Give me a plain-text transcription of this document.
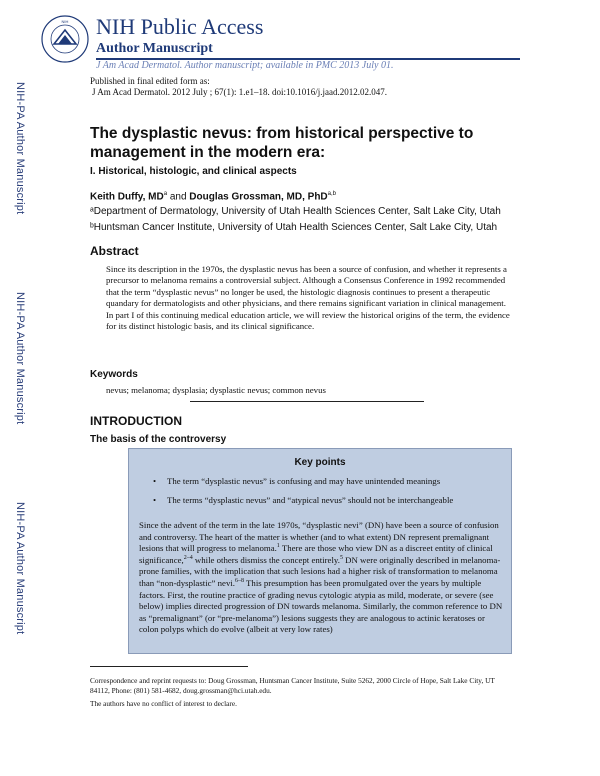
NIH NIH Public Access
Author Manuscript
J Am Acad Dermatol. Author manuscript; available in PMC 2013 July 01.
Published in final edited form as:
J Am Acad Dermatol. 2012 July ; 67(1): 1.e1–18. doi:10.1016/j.jaad.2012.02.047.
NIH-PA Author Manuscript
NIH-PA Author Manuscript
NIH-PA Author Manuscript
The dysplastic nevus: from historical perspective to management in the modern era:
I. Historical, histologic, and clinical aspects
Keith Duffy, $MD^a$ and Douglas Grossman, MD, PhD$^{a,b}$
ᵃDepartment of Dermatology, University of Utah Health Sciences Center, Salt Lake City, Utah
ᵇHuntsman Cancer Institute, University of Utah Health Sciences Center, Salt Lake City, Utah
Abstract
Since its description in the 1970s, the dysplastic nevus has been a source of confusion, and whether it represents a precursor to melanoma remains a controversial subject. Although a Consensus Conference in 1992 recommended that the term “dysplastic nevus” no longer be used, the histologic diagnosis continues to present a therapeutic quandary for dermatologists and other physicians, and there remains significant variation in clinical management. In part I of this continuing medical education article, we will review the historical origins of the term, the evidence for its distinct histologic basis, and its clinical significance.
Keywords
nevus; melanoma; dysplasia; dysplastic nevus; common nevus
INTRODUCTION
The basis of the controversy
Key points
• The term “dysplastic nevus” is confusing and may have unintended meanings
• The terms “dysplastic nevus” and “atypical nevus” should not be interchangeable
Since the advent of the term in the late 1970s, “dysplastic nevi” (DN) have been a source of confusion and controversy. The heart of the matter is whether (and to what extent) DN represent premalignant lesions that will progress to melanoma.$^1$ There are those who view DN as a discreet entity of clinical significance,$^{2-4}$ while others dismiss the concept entirely.$^5$ DN were originally described in melanoma-prone families, with the implication that such lesions had a higher risk of transformation to melanoma than “non-dysplastic” nevi.$^{6-8}$ This presumption has been promulgated over the years by multiple factors. First, the routine practice of grading nevus cytologic atypia as mild, moderate, or severe (see below) implies directed progression of DN towards melanoma. Similarly, the common reference to DN as “premalignant” (or “pre-melanoma”) lesions suggests they are analogous to actinic keratoses or colon polyps which do evolve (albeit at very low rates)
Correspondence and reprint requests to: Doug Grossman, Huntsman Cancer Institute, Suite 5262, 2000 Circle of Hope, Salt Lake City, UT 84112, Phone: (801) 581-4682, doug.grossman@hci.utah.edu.
The authors have no conflict of interest to declare.
